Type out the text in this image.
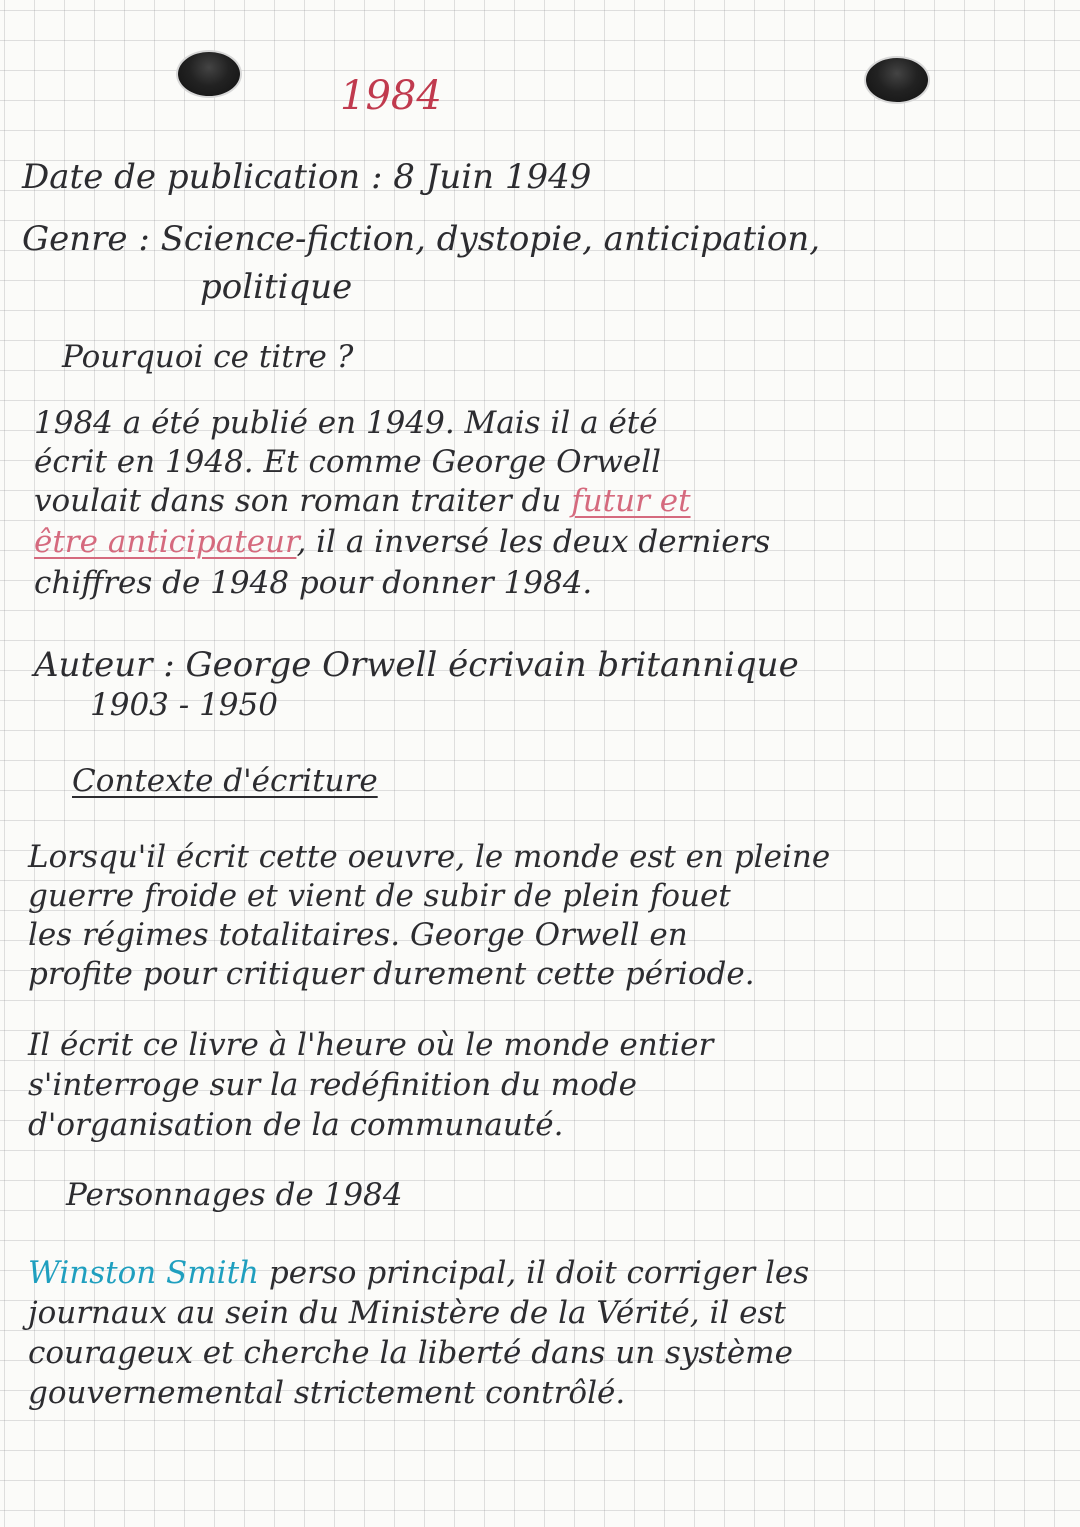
1984
Date de publication : 8 Juin 1949
Genre : Science-fiction, dystopie, anticipation,
politique
Pourquoi ce titre ?
1984 a été publié en 1949. Mais il a été
écrit en 1948. Et comme George Orwell
voulait dans son roman traiter du futur et
être anticipateur, il a inversé les deux derniers
chiffres de 1948 pour donner 1984.
Auteur : George Orwell écrivain britannique
1903 - 1950
Contexte d'écriture
Lorsqu'il écrit cette oeuvre, le monde est en pleine
guerre froide et vient de subir de plein fouet
les régimes totalitaires. George Orwell en
profite pour critiquer durement cette période.
Il écrit ce livre à l'heure où le monde entier
s'interroge sur la redéfinition du mode
d'organisation de la communauté.
Personnages de 1984
Winston Smith perso principal, il doit corriger les
journaux au sein du Ministère de la Vérité, il est
courageux et cherche la liberté dans un système
gouvernemental strictement contrôlé.
